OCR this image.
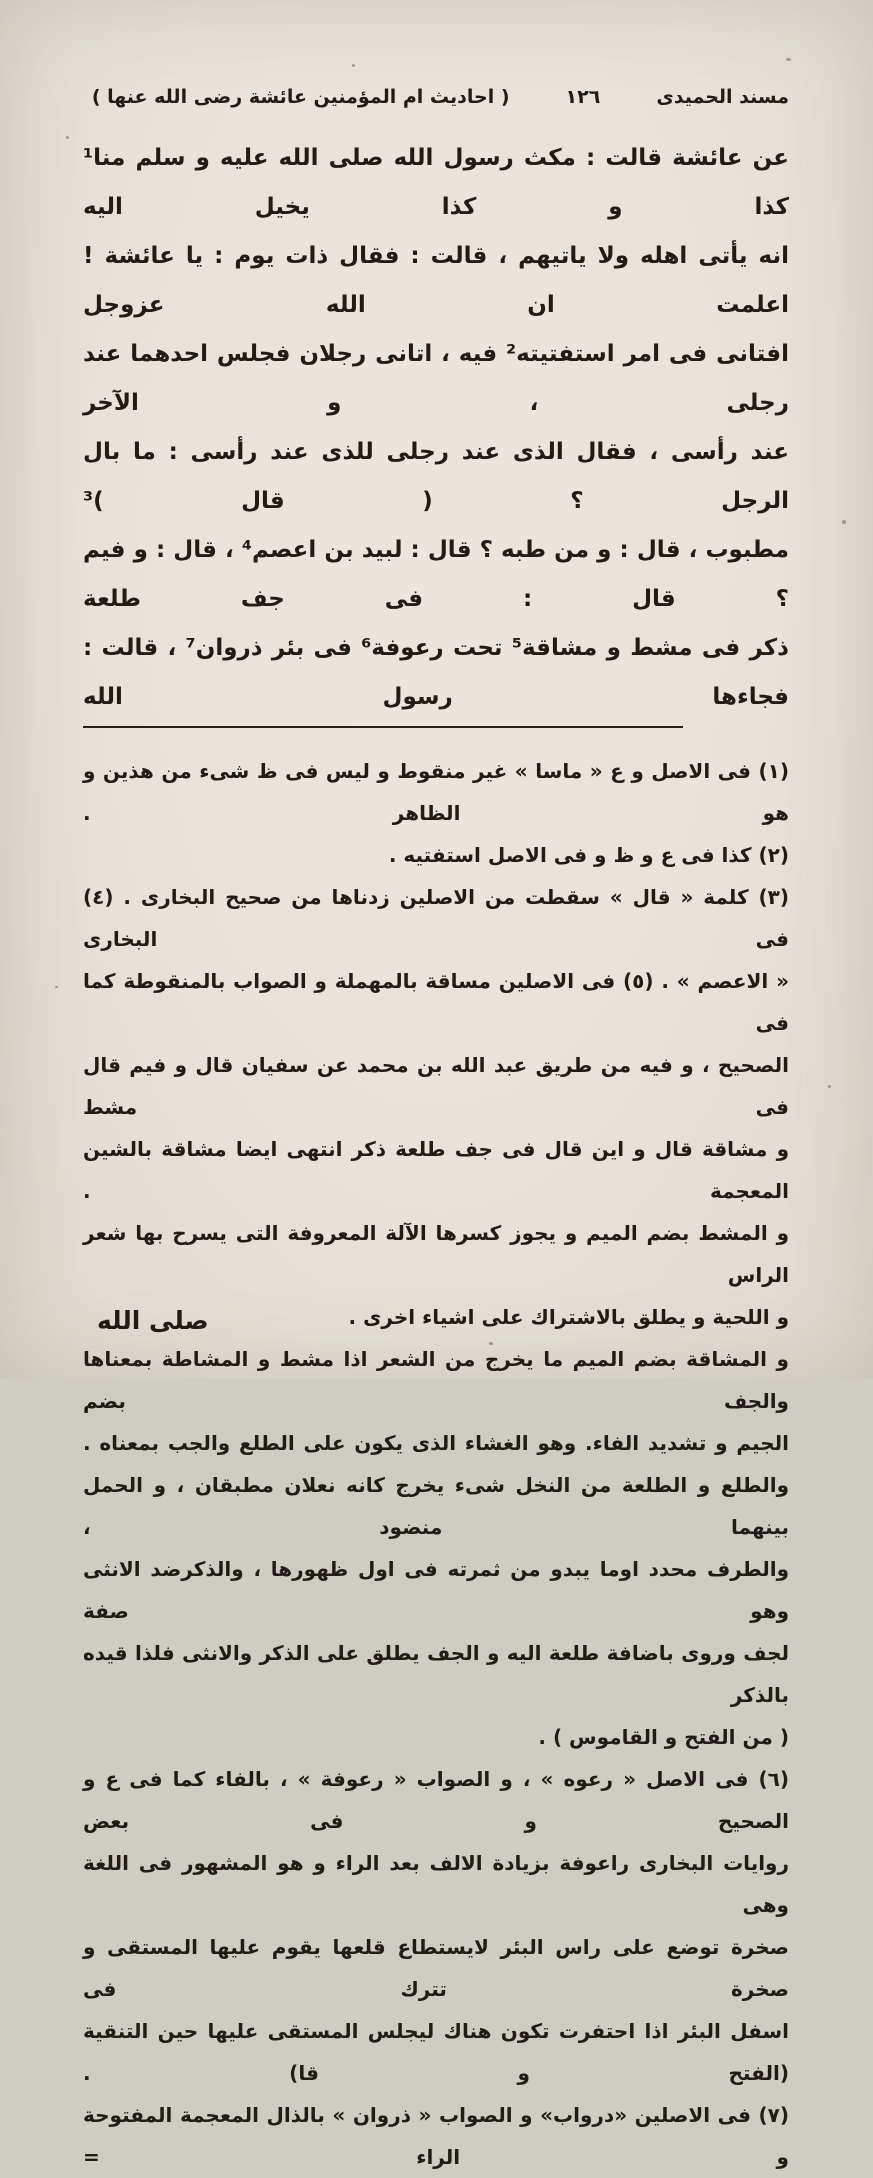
مسند الحميدى
١٢٦
( احاديث ام المؤمنين عائشة رضى الله عنها )
عن عائشة قالت : مكث رسول الله صلى الله عليه و سلم منا¹ كذا و كذا يخيل اليه
انه يأتى اهله ولا ياتيهم ، قالت : فقال ذات يوم : يا عائشة ! اعلمت ان الله عزوجل
افتانى فى امر استفتيته² فيه ، اتانى رجلان فجلس احدهما عند رجلى ، و الآخر
عند رأسى ، فقال الذى عند رجلى للذى عند رأسى : ما بال الرجل ؟ ( قال )³
مطبوب ، قال : و من طبه ؟ قال : لبيد بن اعصم⁴ ، قال : و فيم ؟ قال : فى جف طلعة
ذكر فى مشط و مشاقة⁵ تحت رعوفة⁶ فى بئر ذروان⁷ ، قالت : فجاءها رسول الله
(١) فى الاصل و ع « ماسا » غير منقوط و ليس فى ظ شىء من هذين و هو الظاهر .
(٢) كذا فى ع و ظ و فى الاصل استفتيه .
(٣) كلمة « قال » سقطت من الاصلين زدناها من صحيح البخارى . (٤) فى البخارى
« الاعصم » . (٥) فى الاصلين مساقة بالمهملة و الصواب بالمنقوطة كما فى
الصحيح ، و فيه من طريق عبد الله بن محمد عن سفيان قال و فيم قال فى مشط
و مشاقة قال و اين قال فى جف طلعة ذكر انتهى ايضا مشاقة بالشين المعجمة .
و المشط بضم الميم و يجوز كسرها الآلة المعروفة التى يسرح بها شعر الراس
و اللحية و يطلق بالاشتراك على اشياء اخرى .
و المشاقة بضم الميم ما يخرج من الشعر اذا مشط و المشاطة بمعناها والجف بضم
الجيم و تشديد الفاء. وهو الغشاء الذى يكون على الطلع والجب بمعناه .
والطلع و الطلعة من النخل شىء يخرج كانه نعلان مطبقان ، و الحمل بينهما منضود ،
والطرف محدد اوما يبدو من ثمرته فى اول ظهورها ، والذكرضد الانثى وهو صفة
لجف وروى باضافة طلعة اليه و الجف يطلق على الذكر والانثى فلذا قيده بالذكر
( من الفتح و القاموس ) .
(٦) فى الاصل « رعوه » ، و الصواب « رعوفة » ، بالفاء كما فى ع و الصحيح و فى بعض
روايات البخارى راعوفة بزيادة الالف بعد الراء و هو المشهور فى اللغة وهى
صخرة توضع على راس البئر لايستطاع قلعها يقوم عليها المستقى و صخرة تترك فى
اسفل البئر اذا احتفرت تكون هناك ليجلس المستقى عليها حين التنقية (الفتح و قا) .
(٧) فى الاصلين «درواب» و الصواب « ذروان » بالذال المعجمة المفتوحة و الراء =
صلى الله
